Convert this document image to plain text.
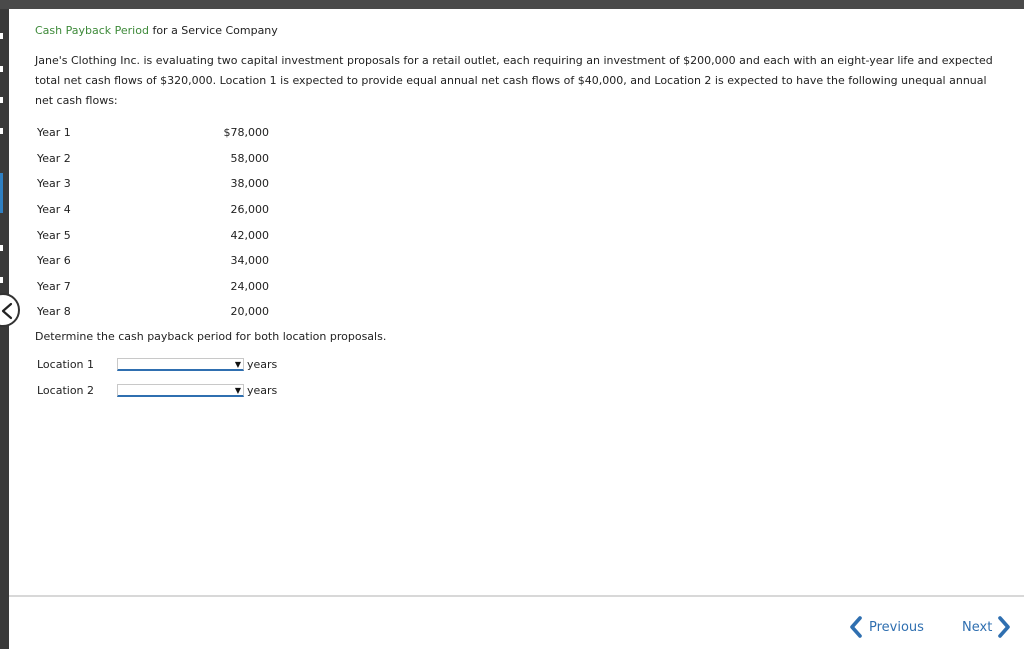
Cash Payback Period for a Service Company
Jane's Clothing Inc. is evaluating two capital investment proposals for a retail outlet, each requiring an investment of $200,000 and each with an eight-year life and expected total net cash flows of $320,000. Location 1 is expected to provide equal annual net cash flows of $40,000, and Location 2 is expected to have the following unequal annual net cash flows:
Year 1	$78,000
Year 2	58,000
Year 3	38,000
Year 4	26,000
Year 5	42,000
Year 6	34,000
Year 7	24,000
Year 8	20,000
Determine the cash payback period for both location proposals.
Location 1	▼ years
Location 2	▼ years
Previous	Next
